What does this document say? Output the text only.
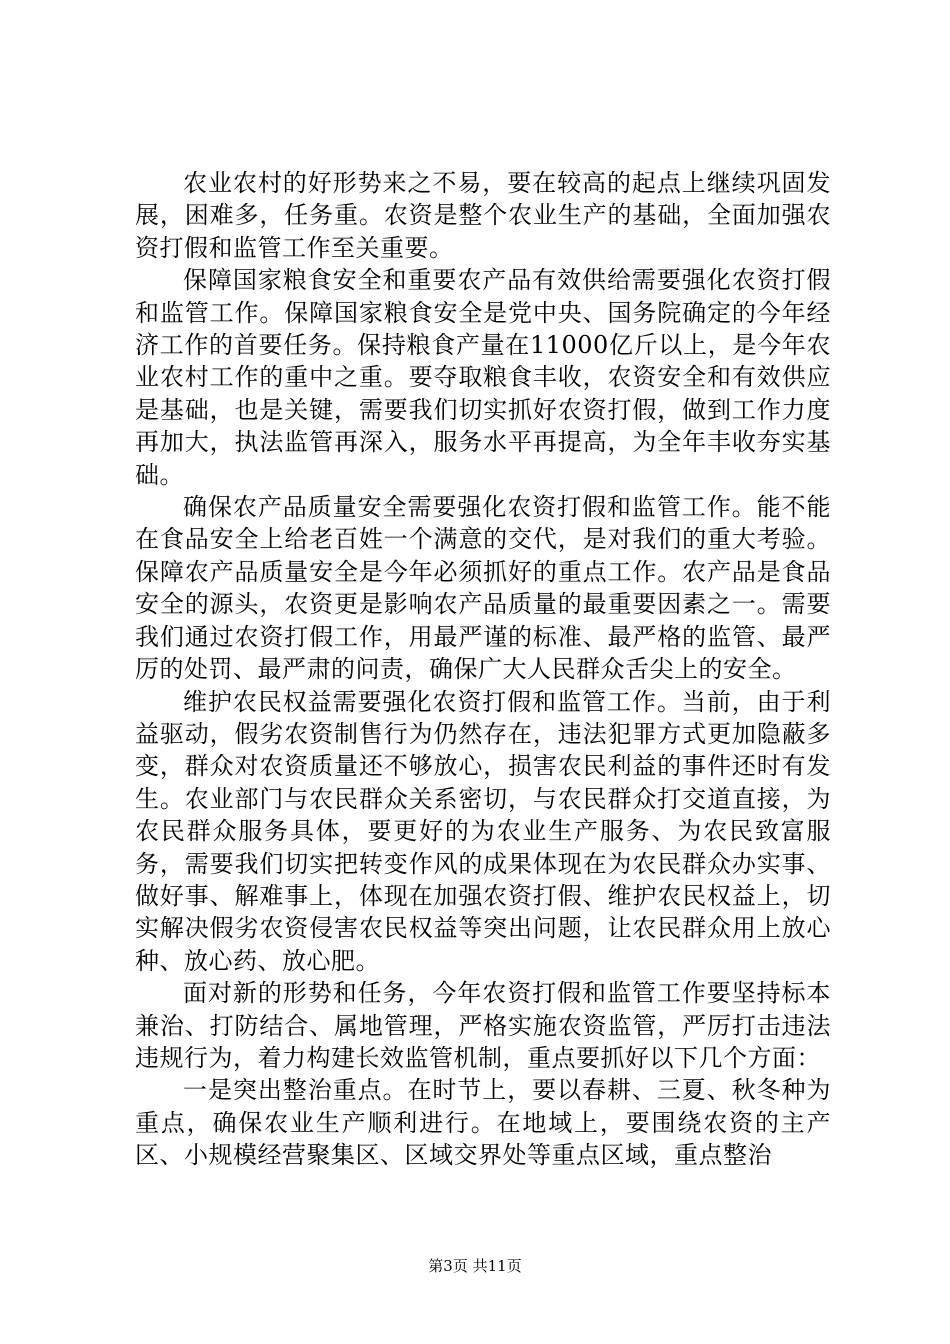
农业农村的好形势来之不易，要在较高的起点上继续巩固发展，困难多，任务重。农资是整个农业生产的基础，全面加强农资打假和监管工作至关重要。

保障国家粮食安全和重要农产品有效供给需要强化农资打假和监管工作。保障国家粮食安全是党中央、国务院确定的今年经济工作的首要任务。保持粮食产量在11000亿斤以上，是今年农业农村工作的重中之重。要夺取粮食丰收，农资安全和有效供应是基础，也是关键，需要我们切实抓好农资打假，做到工作力度再加大，执法监管再深入，服务水平再提高，为全年丰收夯实基础。

确保农产品质量安全需要强化农资打假和监管工作。能不能在食品安全上给老百姓一个满意的交代，是对我们的重大考验。保障农产品质量安全是今年必须抓好的重点工作。农产品是食品安全的源头，农资更是影响农产品质量的最重要因素之一。需要我们通过农资打假工作，用最严谨的标准、最严格的监管、最严厉的处罚、最严肃的问责，确保广大人民群众舌尖上的安全。

维护农民权益需要强化农资打假和监管工作。当前，由于利益驱动，假劣农资制售行为仍然存在，违法犯罪方式更加隐蔽多变，群众对农资质量还不够放心，损害农民利益的事件还时有发生。农业部门与农民群众关系密切，与农民群众打交道直接，为农民群众服务具体，要更好的为农业生产服务、为农民致富服务，需要我们切实把转变作风的成果体现在为农民群众办实事、做好事、解难事上，体现在加强农资打假、维护农民权益上，切实解决假劣农资侵害农民权益等突出问题，让农民群众用上放心种、放心药、放心肥。

面对新的形势和任务，今年农资打假和监管工作要坚持标本兼治、打防结合、属地管理，严格实施农资监管，严厉打击违法违规行为，着力构建长效监管机制，重点要抓好以下几个方面：

一是突出整治重点。在时节上，要以春耕、三夏、秋冬种为重点，确保农业生产顺利进行。在地域上，要围绕农资的主产区、小规模经营聚集区、区域交界处等重点区域，重点整治

第3页 共11页
